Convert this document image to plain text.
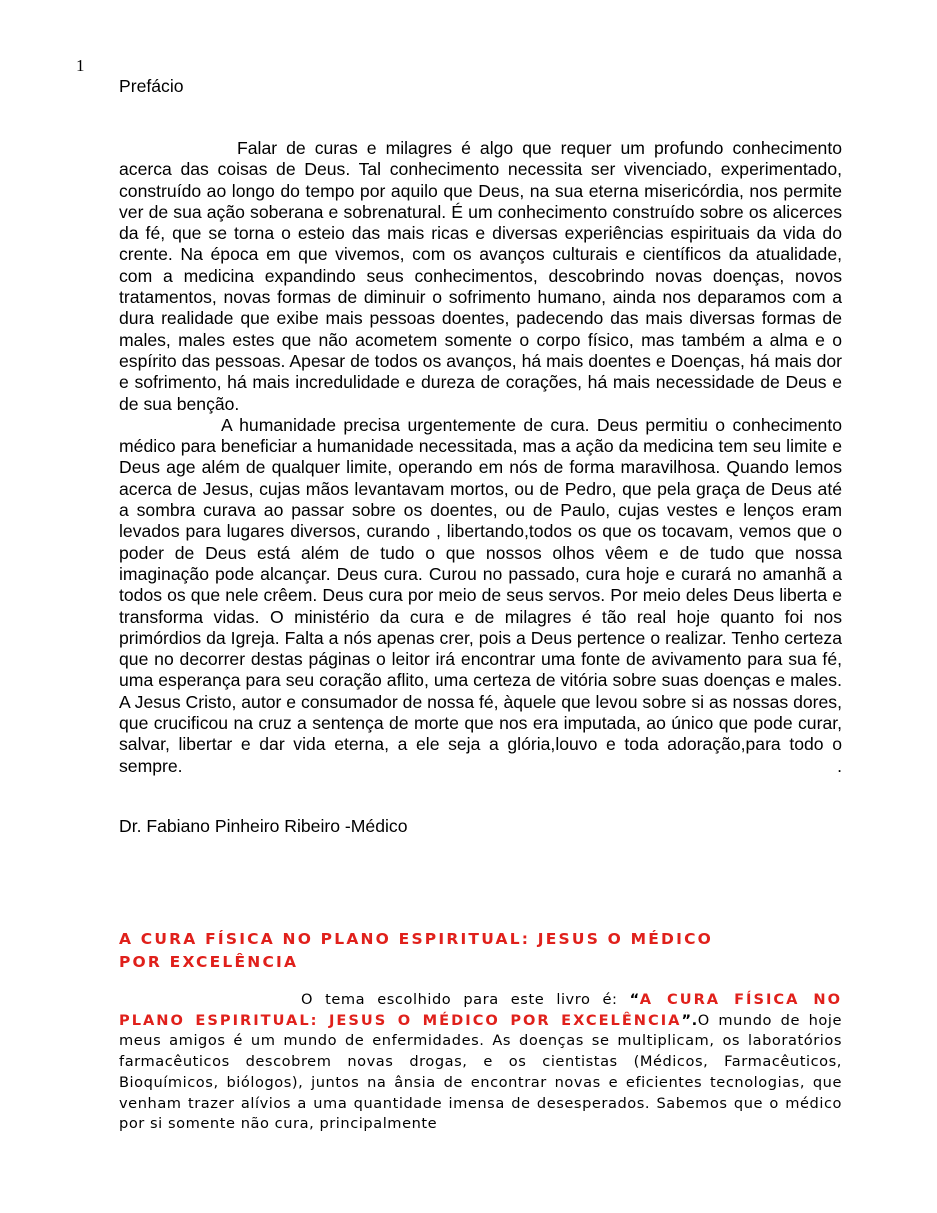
1
Prefácio

Falar de curas e milagres é algo que requer um profundo conhecimento acerca das coisas de Deus. Tal conhecimento necessita ser vivenciado, experimentado, construído ao longo do tempo por aquilo que Deus, na sua eterna misericórdia, nos permite ver de sua ação soberana e sobrenatural. É um conhecimento construído sobre os alicerces da fé, que se torna o esteio das mais ricas e diversas experiências espirituais da vida do crente. Na época em que vivemos, com os avanços culturais e científicos da atualidade, com a medicina expandindo seus conhecimentos, descobrindo novas doenças, novos tratamentos, novas formas de diminuir o sofrimento humano, ainda nos deparamos com a dura realidade que exibe mais pessoas doentes, padecendo das mais diversas formas de males, males estes que não acometem somente o corpo físico, mas também a alma e o espírito das pessoas. Apesar de todos os avanços, há mais doentes e Doenças, há mais dor e sofrimento, há mais incredulidade e dureza de corações, há mais necessidade de Deus e de sua benção.

A humanidade precisa urgentemente de cura. Deus permitiu o conhecimento médico para beneficiar a humanidade necessitada, mas a ação da medicina tem seu limite e Deus age além de qualquer limite, operando em nós de forma maravilhosa. Quando lemos acerca de Jesus, cujas mãos levantavam mortos, ou de Pedro, que pela graça de Deus até a sombra curava ao passar sobre os doentes, ou de Paulo, cujas vestes e lenços eram levados para lugares diversos, curando , libertando,todos os que os tocavam, vemos que o poder de Deus está além de tudo o que nossos olhos vêem e de tudo que nossa imaginação pode alcançar. Deus cura. Curou no passado, cura hoje e curará no amanhã a todos os que nele crêem. Deus cura por meio de seus servos. Por meio deles Deus liberta e transforma vidas. O ministério da cura e de milagres é tão real hoje quanto foi nos primórdios da Igreja. Falta a nós apenas crer, pois a Deus pertence o realizar. Tenho certeza que no decorrer destas páginas o leitor irá encontrar uma fonte de avivamento para sua fé, uma esperança para seu coração aflito, uma certeza de vitória sobre suas doenças e males. A Jesus Cristo, autor e consumador de nossa fé, àquele que levou sobre si as nossas dores, que crucificou na cruz a sentença de morte que nos era imputada, ao único que pode curar, salvar, libertar e dar vida eterna, a ele seja a glória,louvo e toda adoração,para todo o sempre.	.

Dr. Fabiano Pinheiro Ribeiro -Médico
A CURA FÍSICA NO PLANO ESPIRITUAL: JESUS O MÉDICO POR EXCELÊNCIA

O tema escolhido para este livro é: “A CURA FÍSICA NO PLANO ESPIRITUAL: JESUS O MÉDICO POR EXCELÊNCIA”.O mundo de hoje meus amigos é um mundo de enfermidades. As doenças se multiplicam, os laboratórios farmacêuticos descobrem novas drogas, e os cientistas (Médicos, Farmacêuticos, Bioquímicos, biólogos), juntos na ânsia de encontrar novas e eficientes tecnologias, que venham trazer alívios a uma quantidade imensa de desesperados. Sabemos que o médico por si somente não cura, principalmente
